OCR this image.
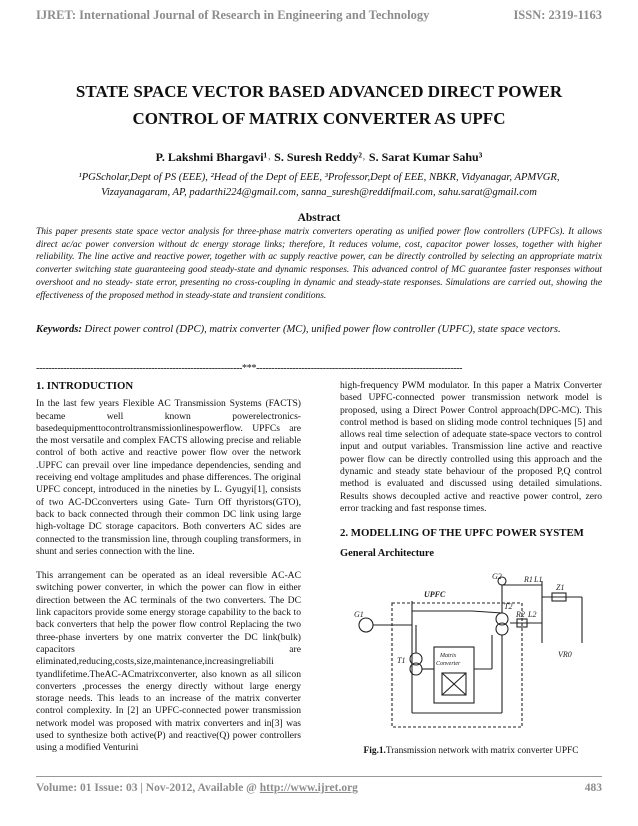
IJRET: International Journal of Research in Engineering and Technology	ISSN: 2319-1163
STATE SPACE VECTOR BASED ADVANCED DIRECT POWER
CONTROL OF MATRIX CONVERTER AS UPFC
P. Lakshmi Bhargavi¹˒ S. Suresh Reddy²˒ S. Sarat Kumar Sahu³
¹PGScholar,Dept of PS (EEE), ²Head of the Dept of EEE, ³Professor,Dept of EEE, NBKR, Vidyanagar, APMVGR,
Vizayanagaram, AP, padarthi224@gmail.com, sanna_suresh@reddifmail.com, sahu.sarat@gmail.com
Abstract
This paper presents state space vector analysis for three-phase matrix converters operating as unified power flow controllers (UPFCs). It allows direct ac/ac power conversion without dc energy storage links; therefore, It reduces volume, cost, capacitor power losses, together with higher reliability. The line active and reactive power, together with ac supply reactive power, can be directly controlled by selecting an appropriate matrix converter switching state guaranteeing good steady-state and dynamic responses. This advanced control of MC guarantee faster responses without overshoot and no steady- state error, presenting no cross-coupling in dynamic and steady-state responses. Simulations are carried out, showing the effectiveness of the proposed method in steady-state and transient conditions.
Keywords: Direct power control (DPC), matrix converter (MC), unified power flow controller (UPFC), state space vectors.
--------------------------------------------------------------------***--------------------------------------------------------------------
1. INTRODUCTION

In the last few years Flexible AC Transmission Systems (FACTS) became well known powerelectronics-basedequipmenttocontroltransmissionlinespowerflow. UPFCs are the most versatile and complex FACTS allowing precise and reliable control of both active and reactive power flow over the network .UPFC can prevail over line impedance dependencies, sending and receiving end voltage amplitudes and phase differences. The original UPFC concept, introduced in the nineties by L. Gyugyi[1], consists of two AC-DCconverters using Gate- Turn Off thyristors(GTO), back to back connected through their common DC link using large high-voltage DC storage capacitors. Both converters AC sides are connected to the transmission line, through coupling transformers, in shunt and series connection with the line.

This arrangement can be operated as an ideal reversible AC-AC switching power converter, in which the power can flow in either direction between the AC terminals of the two converters. The DC link capacitors provide some energy storage capability to the back to back converters that help the power flow control Replacing the two three-phase inverters by one matrix converter the DC link(bulk) capacitors are eliminated,reducing,costs,size,maintenance,increasingreliabili tyandlifetime.TheAC-ACmatrixconverter, also known as all silicon converters ,processes the energy directly without large energy storage needs. This leads to an increase of the matrix converter control complexity. In [2] an UPFC-connected power transmission network model was proposed with matrix converters and in[3] was used to synthesize both active(P) and reactive(Q) power controllers using a modified Venturini

high-frequency PWM modulator. In this paper a Matrix Converter based UPFC-connected power transmission network model is proposed, using a Direct Power Control approach(DPC-MC). This control method is based on sliding mode control techniques [5] and allows real time selection of adequate state-space vectors to control input and output variables. Transmission line active and reactive power flow can be directly controlled using this approach and the dynamic and steady state behaviour of the proposed P,Q control method is evaluated and discussed using detailed simulations. Results shows decoupled active and reactive power control, zero error tracking and fast response times.

2. MODELLING OF THE UPFC POWER SYSTEM
General Architecture
G2	R1 L1
UPFC
G1	R2 L2
Z1
VR0
T1
T2
Matrix
Converter
Volume: 01 Issue: 03 | Nov-2012, Available @ http://www.ijret.org	483
Fig.1.Transmission network with matrix converter UPFC
